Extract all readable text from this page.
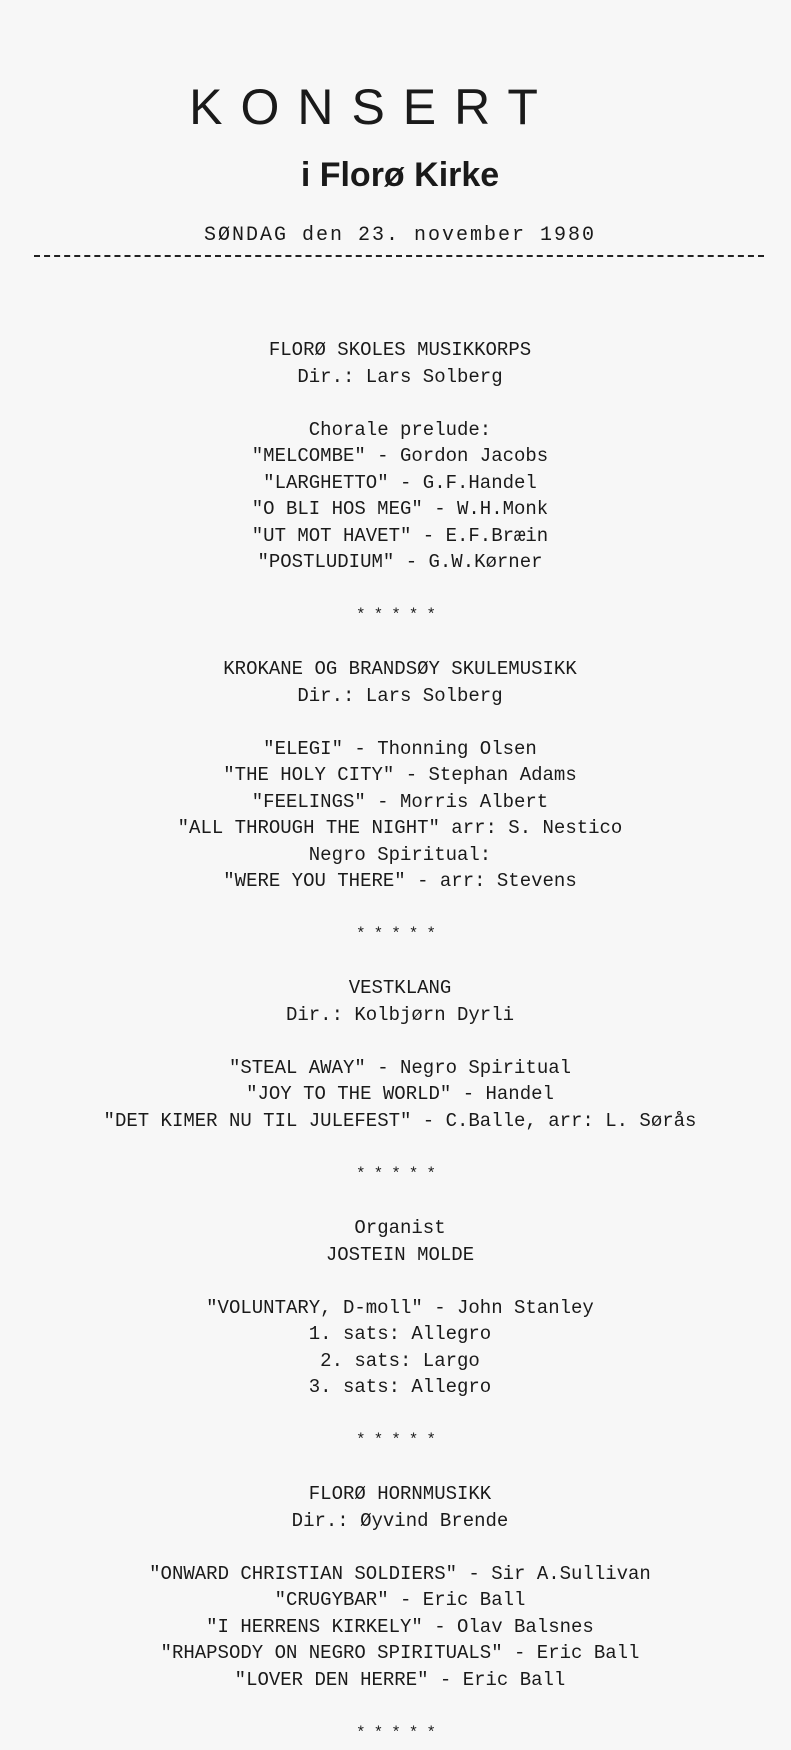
KONSERT
i Florø Kirke
SØNDAG den 23. november 1980
FLORØ SKOLES MUSIKKORPS
Dir.: Lars Solberg
Chorale prelude:
"MELCOMBE" - Gordon Jacobs
"LARGHETTO" - G.F.Handel
"O BLI HOS MEG" - W.H.Monk
"UT MOT HAVET" - E.F.Bræin
"POSTLUDIUM" - G.W.Kørner
*****
KROKANE OG BRANDSØY SKULEMUSIKK
Dir.: Lars Solberg
"ELEGI" - Thonning Olsen
"THE HOLY CITY" - Stephan Adams
"FEELINGS" - Morris Albert
"ALL THROUGH THE NIGHT" arr: S. Nestico
Negro Spiritual:
"WERE YOU THERE" - arr: Stevens
*****
VESTKLANG
Dir.: Kolbjørn Dyrli
"STEAL AWAY" - Negro Spiritual
"JOY TO THE WORLD" - Handel
"DET KIMER NU TIL JULEFEST" - C.Balle, arr: L. Sørås
*****
Organist
JOSTEIN MOLDE
"VOLUNTARY, D-moll" - John Stanley
1. sats: Allegro
2. sats: Largo
3. sats: Allegro
*****
FLORØ HORNMUSIKK
Dir.: Øyvind Brende
"ONWARD CHRISTIAN SOLDIERS" - Sir A.Sullivan
"CRUGYBAR" - Eric Ball
"I HERRENS KIRKELY" - Olav Balsnes
"RHAPSODY ON NEGRO SPIRITUALS" - Eric Ball
"LOVER DEN HERRE" - Eric Ball
*****
